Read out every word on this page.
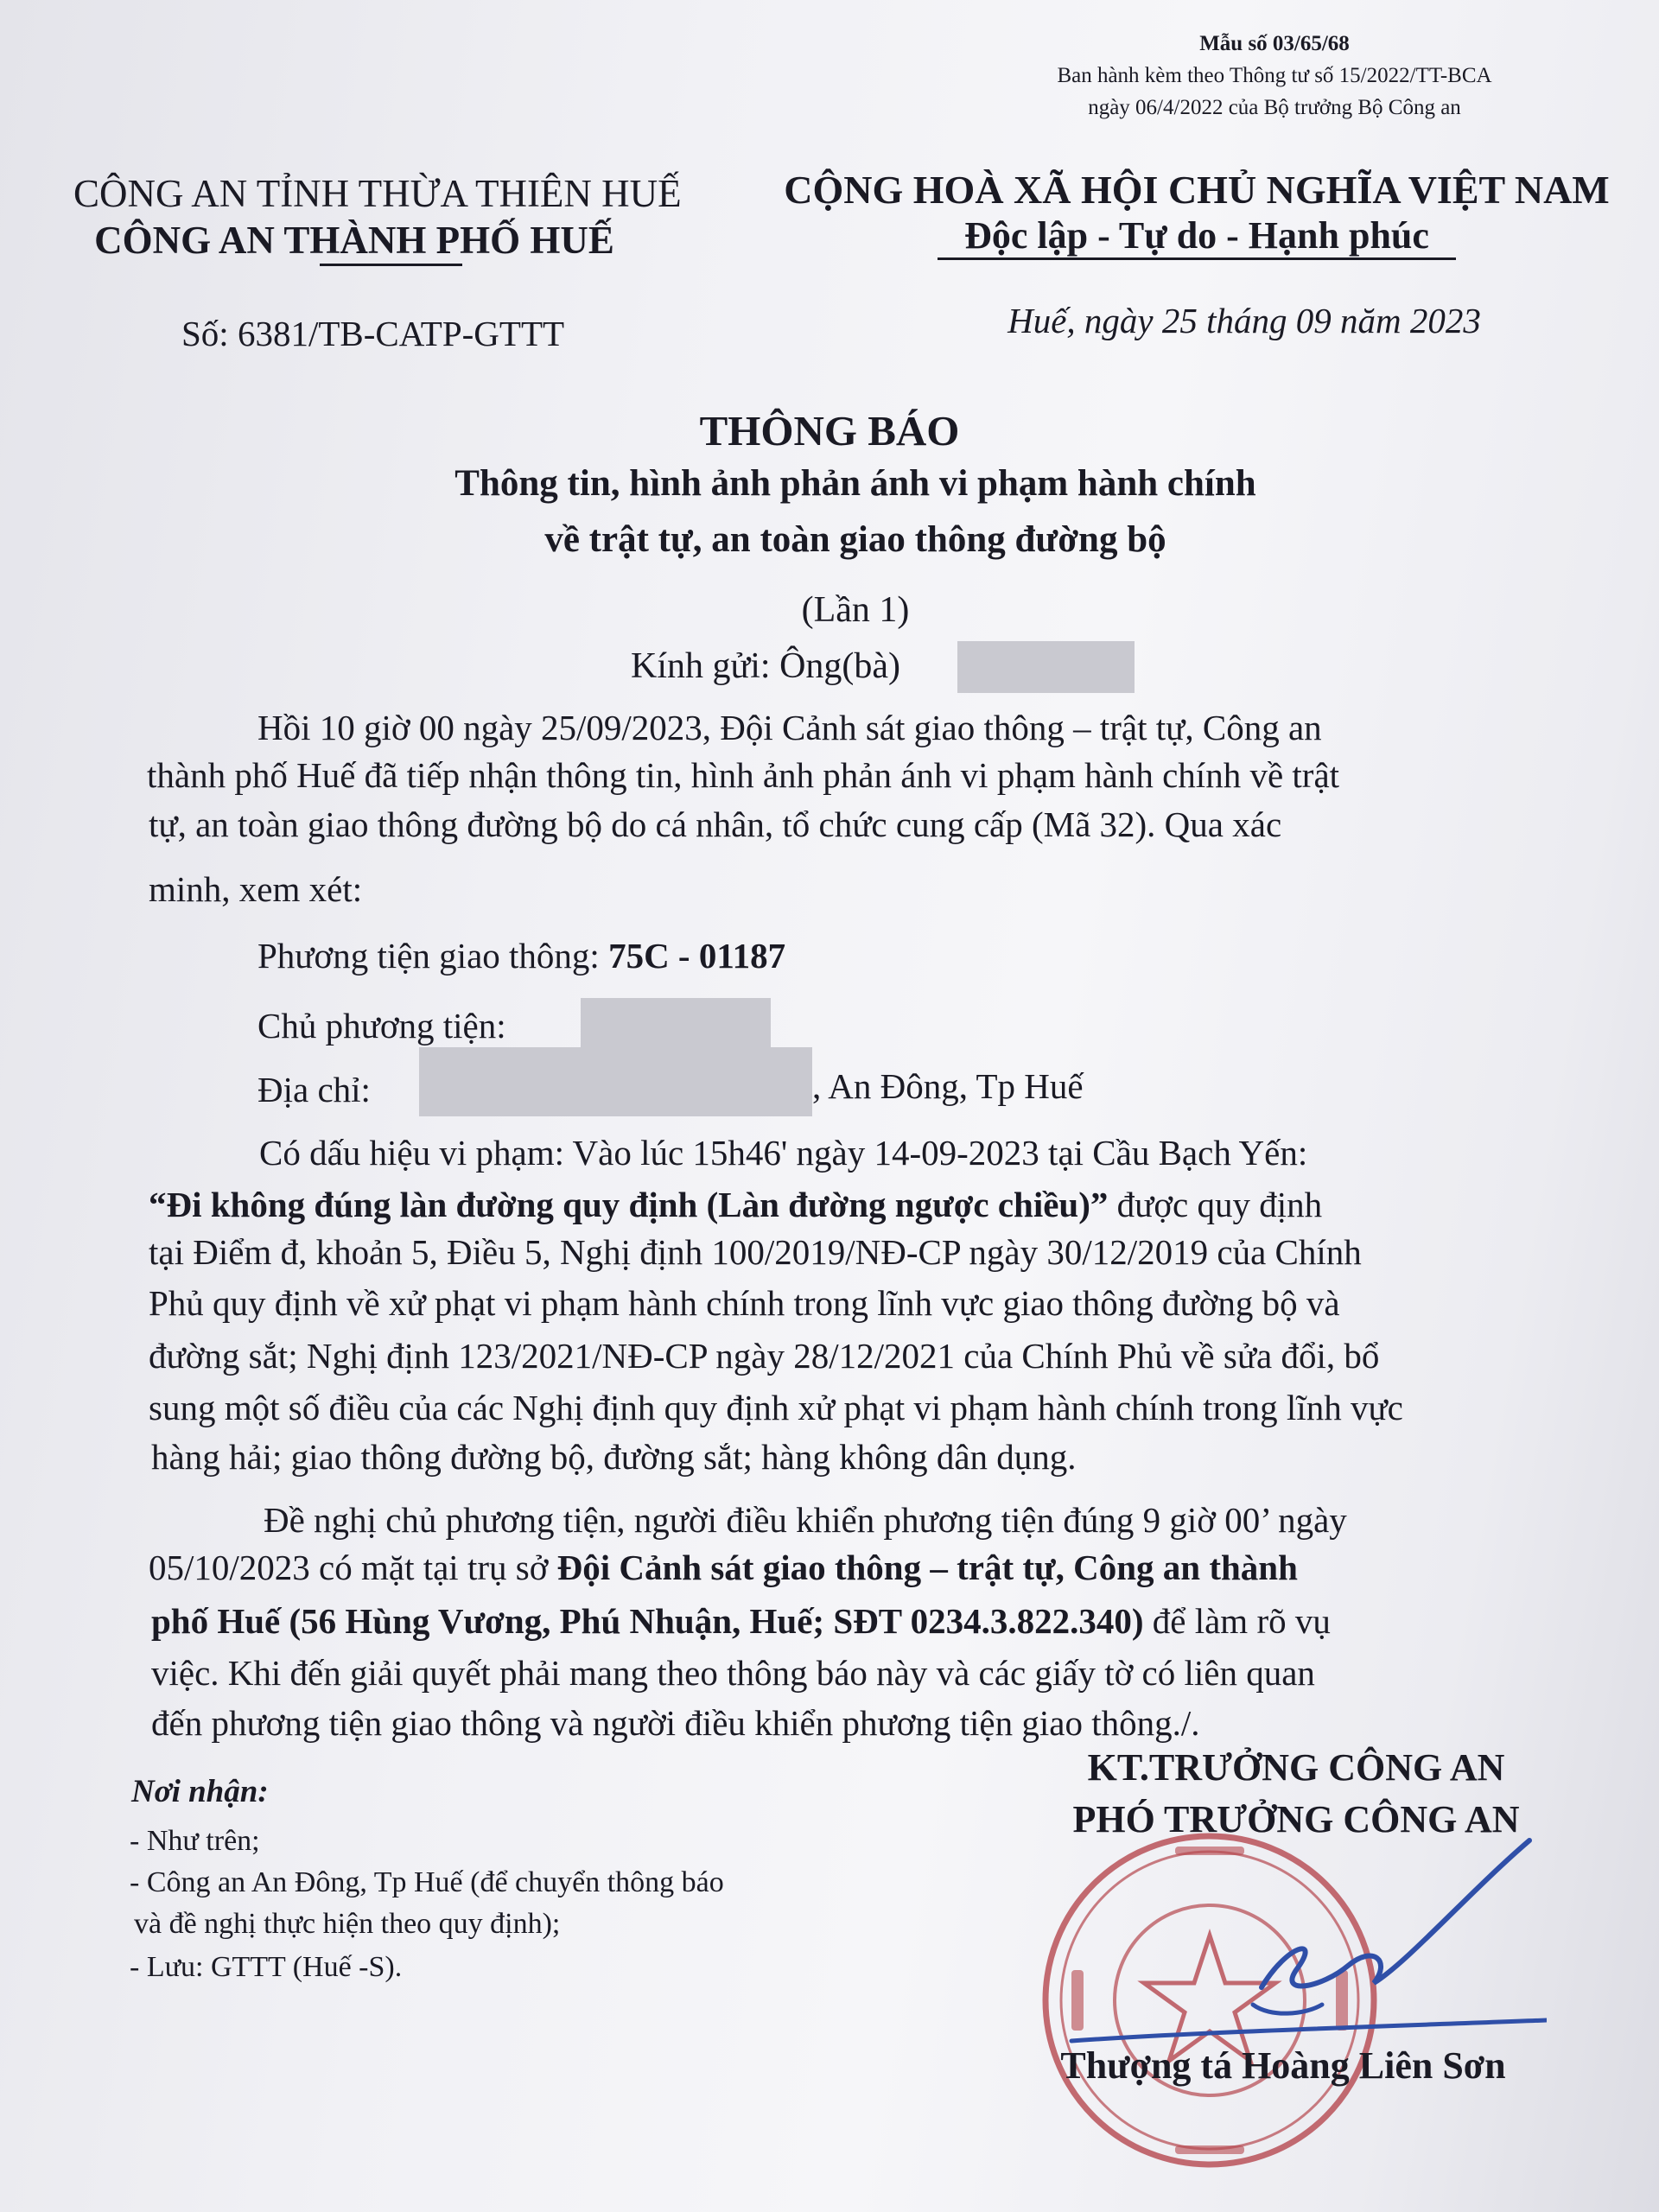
Mẫu số 03/65/68
Ban hành kèm theo Thông tư số 15/2022/TT-BCA
ngày 06/4/2022 của Bộ trưởng Bộ Công an
CÔNG AN TỈNH THỪA THIÊN HUẾ
CÔNG AN THÀNH PHỐ HUẾ
CỘNG HOÀ XÃ HỘI CHỦ NGHĨA VIỆT NAM
Độc lập - Tự do - Hạnh phúc
Số: 6381/TB-CATP-GTTT	Huế, ngày 25 tháng 09 năm 2023
THÔNG BÁO
Thông tin, hình ảnh phản ánh vi phạm hành chính
về trật tự, an toàn giao thông đường bộ
(Lần 1)
Kính gửi: Ông(bà)
Hồi 10 giờ 00 ngày 25/09/2023, Đội Cảnh sát giao thông – trật tự, Công an
thành phố Huế đã tiếp nhận thông tin, hình ảnh phản ánh vi phạm hành chính về trật
tự, an toàn giao thông đường bộ do cá nhân, tổ chức cung cấp (Mã 32). Qua xác
minh, xem xét:
Phương tiện giao thông: 75C - 01187
Chủ phương tiện:
Địa chỉ:	, An Đông, Tp Huế
Có dấu hiệu vi phạm: Vào lúc 15h46' ngày 14-09-2023 tại Cầu Bạch Yến:
“Đi không đúng làn đường quy định (Làn đường ngược chiều)” được quy định
tại Điểm đ, khoản 5, Điều 5, Nghị định 100/2019/NĐ-CP ngày 30/12/2019 của Chính
Phủ quy định về xử phạt vi phạm hành chính trong lĩnh vực giao thông đường bộ và
đường sắt; Nghị định 123/2021/NĐ-CP ngày 28/12/2021 của Chính Phủ về sửa đổi, bổ
sung một số điều của các Nghị định quy định xử phạt vi phạm hành chính trong lĩnh vực
hàng hải; giao thông đường bộ, đường sắt; hàng không dân dụng.
Đề nghị chủ phương tiện, người điều khiển phương tiện đúng 9 giờ 00’ ngày
05/10/2023 có mặt tại trụ sở Đội Cảnh sát giao thông – trật tự, Công an thành
phố Huế (56 Hùng Vương, Phú Nhuận, Huế; SĐT 0234.3.822.340) để làm rõ vụ
việc. Khi đến giải quyết phải mang theo thông báo này và các giấy tờ có liên quan
đến phương tiện giao thông và người điều khiển phương tiện giao thông./.
Nơi nhận:
- Như trên;
- Công an An Đông, Tp Huế (để chuyển thông báo
và đề nghị thực hiện theo quy định);
- Lưu: GTTT (Huế -S).
KT.TRƯỞNG CÔNG AN
PHÓ TRƯỞNG CÔNG AN
Thượng tá Hoàng Liên Sơn
